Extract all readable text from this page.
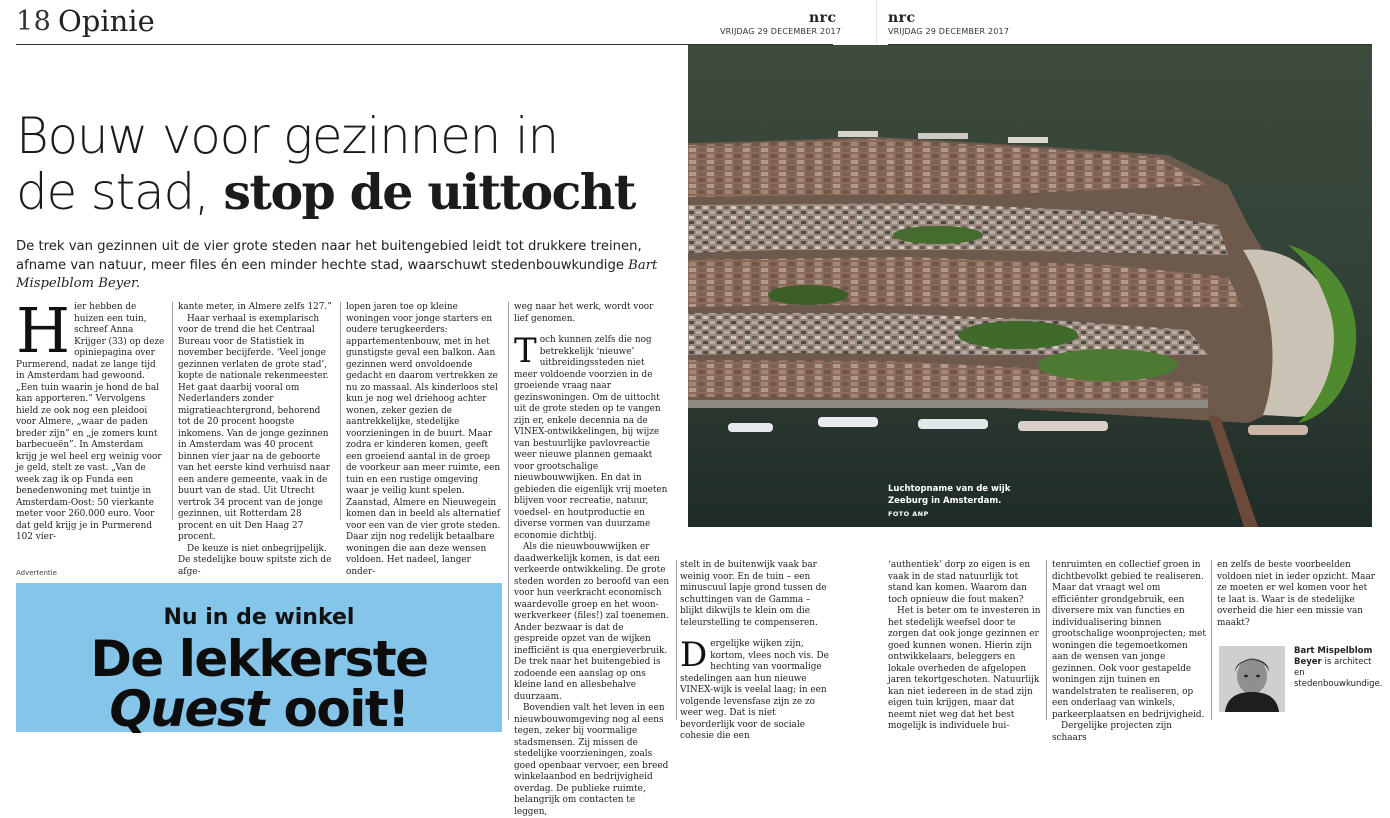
18 Opinie	nrc
VRIJDAG 29 DECEMBER 2017
nrc
VRIJDAG 29 DECEMBER 2017
Bouw voor gezinnen in
de stad, stop de uittocht

De trek van gezinnen uit de vier grote steden naar het buitengebied leidt tot drukkere treinen, afname van natuur, meer files én een minder hechte stad, waarschuwt stedenbouwkundige Bart Mispelblom Beyer.

Hier hebben de huizen een tuin, schreef Anna Krijger (33) op deze opiniepagina over Purmerend, nadat ze lange tijd in Amsterdam had gewoond. „Een tuin waarin je hond de bal kan apporteren.” Vervolgens hield ze ook nog een pleidooi voor Almere, „waar de paden breder zijn” en „je zomers kunt barbecueën”. In Amsterdam krijg je wel heel erg weinig voor je geld, stelt ze vast. „Van de week zag ik op Funda een benedenwoning met tuintje in Amsterdam-Oost: 50 vierkante meter voor 260.000 euro. Voor dat geld krijg je in Purmerend 102 vier-

kante meter, in Almere zelfs 127.”

Haar verhaal is exemplarisch voor de trend die het Centraal Bureau voor de Statistiek in november becijferde. ‘Veel jonge gezinnen verlaten de grote stad’, kopte de nationale rekenmeester. Het gaat daarbij vooral om Nederlanders zonder migratieachtergrond, behorend tot de 20 procent hoogste inkomens. Van de jonge gezinnen in Amsterdam was 40 procent binnen vier jaar na de geboorte van het eerste kind verhuisd naar een andere gemeente, vaak in de buurt van de stad. Uit Utrecht vertrok 34 procent van de jonge gezinnen, uit Rotterdam 28 procent en uit Den Haag 27 procent.

De keuze is niet onbegrijpelijk. De stedelijke bouw spitste zich de afge-

lopen jaren toe op kleine woningen voor jonge starters en oudere terugkeerders: appartementenbouw, met in het gunstigste geval een balkon. Aan gezinnen werd onvoldoende gedacht en daarom vertrekken ze nu zo massaal. Als kinderloos stel kun je nog wel driehoog achter wonen, zeker gezien de aantrekkelijke, stedelijke voorzieningen in de buurt. Maar zodra er kinderen komen, geeft een groeiend aantal in de groep de voorkeur aan meer ruimte, een tuin en een rustige omgeving waar je veilig kunt spelen. Zaanstad, Almere en Nieuwegein komen dan in beeld als alternatief voor een van de vier grote steden. Daar zijn nog redelijk betaalbare woningen die aan deze wensen voldoen. Het nadeel, langer onder-

weg naar het werk, wordt voor lief genomen.

Toch kunnen zelfs die nog betrekkelijk ‘nieuwe’ uitbreidingssteden niet meer voldoende voorzien in de groeiende vraag naar gezinswoningen. Om de uittocht uit de grote steden op te vangen zijn er, enkele decennia na de VINEX-ontwikkelingen, bij wijze van bestuurlijke pavlovreactie weer nieuwe plannen gemaakt voor grootschalige nieuwbouwwijken. En dat in gebieden die eigenlijk vrij moeten blijven voor recreatie, natuur, voedsel- en houtproductie en diverse vormen van duurzame economie dichtbij.

Als die nieuwbouwwijken er daadwerkelijk komen, is dat een verkeerde ontwikkeling. De grote steden worden zo beroofd van een voor hun veerkracht economisch waardevolle groep en het woon-werkverkeer (files!) zal toenemen. Ander bezwaar is dat de gespreide opzet van de wijken inefficiënt is qua energieverbruik. De trek naar het buitengebied is zodoende een aanslag op ons kleine land en allesbehalve duurzaam.

Bovendien valt het leven in een nieuwbouwomgeving nog al eens tegen, zeker bij voormalige stadsmensen. Zij missen de stedelijke voorzieningen, zoals goed openbaar vervoer, een breed winkelaanbod en bedrijvigheid overdag. De publieke ruimte, belangrijk om contacten te leggen,

stelt in de buitenwijk vaak bar weinig voor. En de tuin – een minuscuul lapje grond tussen de schuttingen van de Gamma – blijkt dikwijls te klein om die teleurstelling te compenseren.

Dergelijke wijken zijn, kortom, vlees noch vis. De hechting van voormalige stedelingen aan hun nieuwe VINEX-wijk is veelal laag; in een volgende levensfase zijn ze zo weer weg. Dat is niet bevorderlijk voor de sociale cohesie die een

Advertentie
Nu in de winkel
De lekkerste
Quest ooit!
Luchtopname van de wijk
Zeeburg in Amsterdam.
FOTO ANP

‘authentiek’ dorp zo eigen is en vaak in de stad natuurlijk tot stand kan komen. Waarom dan toch opnieuw die fout maken?

Het is beter om te investeren in het stedelijk weefsel door te zorgen dat ook jonge gezinnen er goed kunnen wonen. Hierin zijn ontwikkelaars, beleggers en lokale overheden de afgelopen jaren tekortgeschoten. Natuurlijk kan niet iedereen in de stad zijn eigen tuin krijgen, maar dat neemt niet weg dat het best mogelijk is individuele bui-

tenruimten en collectief groen in dichtbevolkt gebied te realiseren. Maar dat vraagt wel om efficiënter grondgebruik, een diversere mix van functies en individualisering binnen grootschalige woonprojecten; met woningen die tegemoetkomen aan de wensen van jonge gezinnen. Ook voor gestapelde woningen zijn tuinen en wandelstraten te realiseren, op een onderlaag van winkels, parkeerplaatsen en bedrijvigheid.

Dergelijke projecten zijn schaars

en zelfs de beste voorbeelden voldoen niet in ieder opzicht. Maar ze moeten er wel komen voor het te laat is. Waar is de stedelijke overheid die hier een missie van maakt?

Bart Mispelblom Beyer is architect en stedenbouwkundige.
